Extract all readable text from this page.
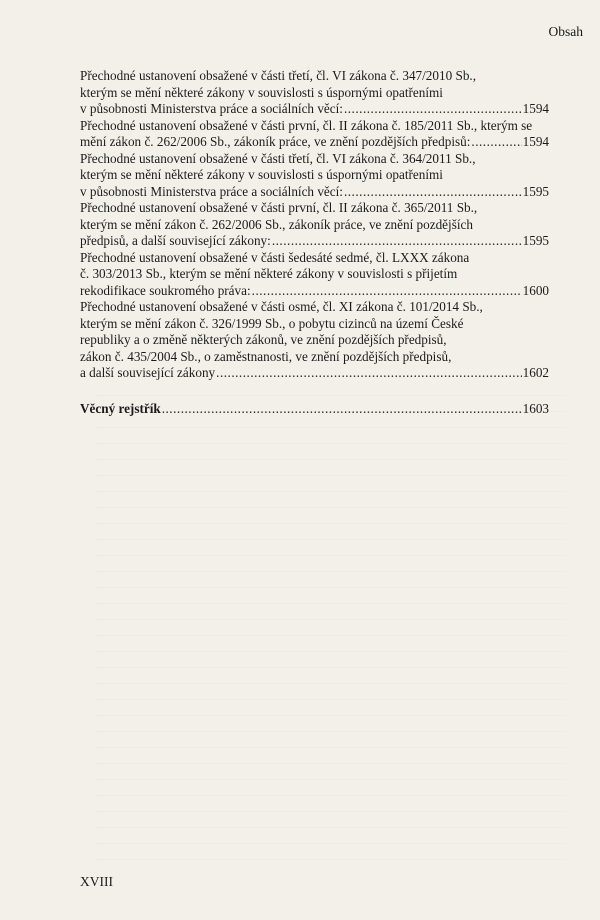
Obsah
Přechodné ustanovení obsažené v části třetí, čl. VI zákona č. 347/2010 Sb.,
kterým se mění některé zákony v souvislosti s úspornými opatřeními
v působnosti Ministerstva práce a sociálních věcí: .....	1594
Přechodné ustanovení obsažené v části první, čl. II zákona č. 185/2011 Sb., kterým se
mění zákon č. 262/2006 Sb., zákoník práce, ve znění pozdějších předpisů: .....	1594
Přechodné ustanovení obsažené v části třetí, čl. VI zákona č. 364/2011 Sb.,
kterým se mění některé zákony v souvislosti s úspornými opatřeními
v působnosti Ministerstva práce a sociálních věcí: .....	1595
Přechodné ustanovení obsažené v části první, čl. II zákona č. 365/2011 Sb.,
kterým se mění zákon č. 262/2006 Sb., zákoník práce, ve znění pozdějších
předpisů, a další související zákony: .....	1595
Přechodné ustanovení obsažené v části šedesáté sedmé, čl. LXXX zákona
č. 303/2013 Sb., kterým se mění některé zákony v souvislosti s přijetím
rekodifikace soukromého práva: .....	1600
Přechodné ustanovení obsažené v části osmé, čl. XI zákona č. 101/2014 Sb.,
kterým se mění zákon č. 326/1999 Sb., o pobytu cizinců na území České
republiky a o změně některých zákonů, ve znění pozdějších předpisů,
zákon č. 435/2004 Sb., o zaměstnanosti, ve znění pozdějších předpisů,
a další související zákony .....	1602
Věcný rejstřík .....	1603
XVIII
